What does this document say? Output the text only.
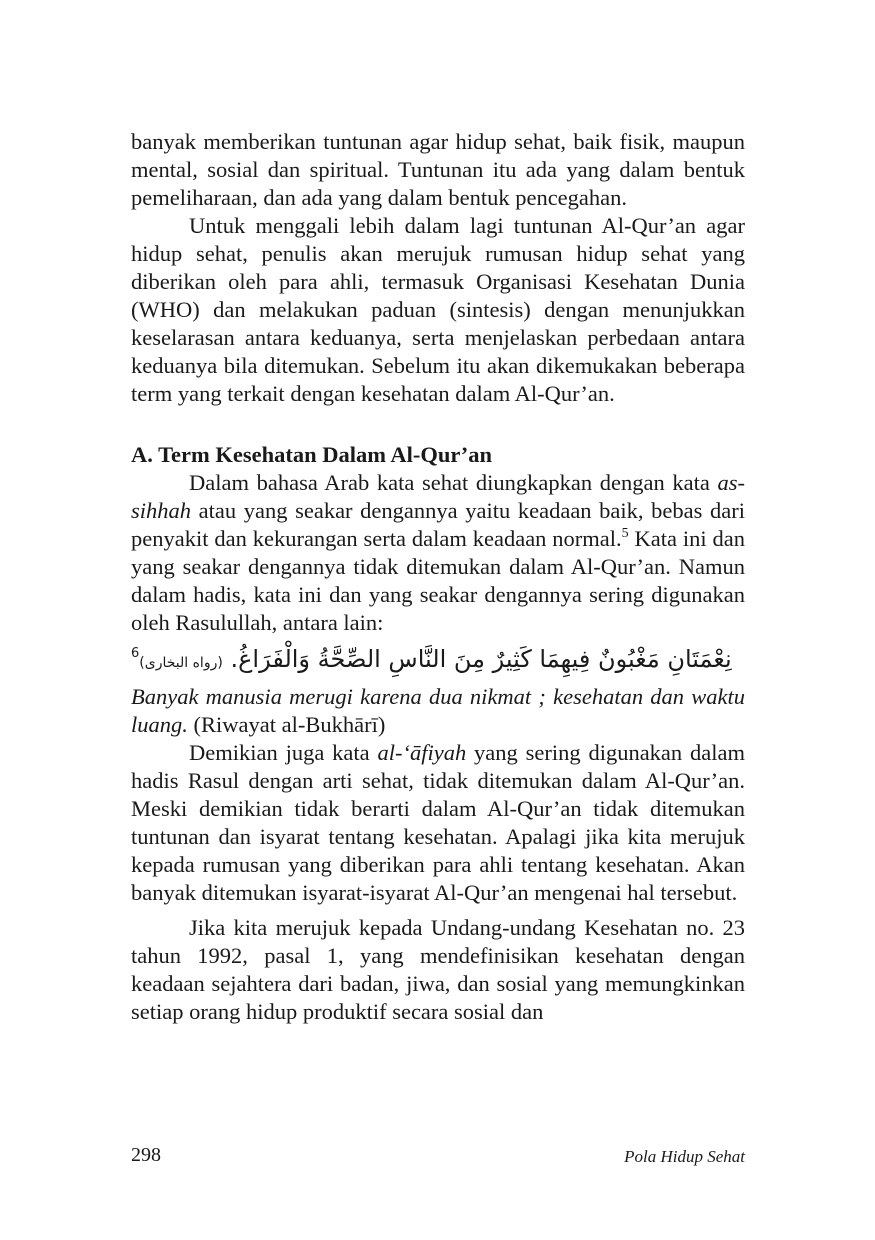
banyak memberikan tuntunan agar hidup sehat, baik fisik, maupun mental, sosial dan spiritual. Tuntunan itu ada yang dalam bentuk pemeliharaan, dan ada yang dalam bentuk pencegahan.

Untuk menggali lebih dalam lagi tuntunan Al-Qur’an agar hidup sehat, penulis akan merujuk rumusan hidup sehat yang diberikan oleh para ahli, termasuk Organisasi Kesehatan Dunia (WHO) dan melakukan paduan (sintesis) dengan menunjukkan keselarasan antara keduanya, serta menjelaskan perbedaan antara keduanya bila ditemukan. Sebelum itu akan dikemukakan beberapa term yang terkait dengan kesehatan dalam Al-Qur’an.

A. Term Kesehatan Dalam Al-Qur’an

Dalam bahasa Arab kata sehat diungkapkan dengan kata as-sihhah atau yang seakar dengannya yaitu keadaan baik, bebas dari penyakit dan kekurangan serta dalam keadaan normal.$^5$ Kata ini dan yang seakar dengannya tidak ditemukan dalam Al-Qur’an. Namun dalam hadis, kata ini dan yang seakar dengannya sering digunakan oleh Rasulullah, antara lain:

نِعْمَتَانِ مَغْبُونٌ فِيهِمَا كَثِيرٌ مِنَ النَّاسِ الصِّحَّةُ وَالْفَرَاغُ. (رواه البخارى)$^6$

Banyak manusia merugi karena dua nikmat ; kesehatan dan waktu luang. (Riwayat al-Bukhārī)

Demikian juga kata al-‘āfiyah yang sering digunakan dalam hadis Rasul dengan arti sehat, tidak ditemukan dalam Al-Qur’an. Meski demikian tidak berarti dalam Al-Qur’an tidak ditemukan tuntunan dan isyarat tentang kesehatan. Apalagi jika kita merujuk kepada rumusan yang diberikan para ahli tentang kesehatan. Akan banyak ditemukan isyarat-isyarat Al-Qur’an mengenai hal tersebut.

Jika kita merujuk kepada Undang-undang Kesehatan no. 23 tahun 1992, pasal 1, yang mendefinisikan kesehatan dengan keadaan sejahtera dari badan, jiwa, dan sosial yang memungkinkan setiap orang hidup produktif secara sosial dan

298	Pola Hidup Sehat
